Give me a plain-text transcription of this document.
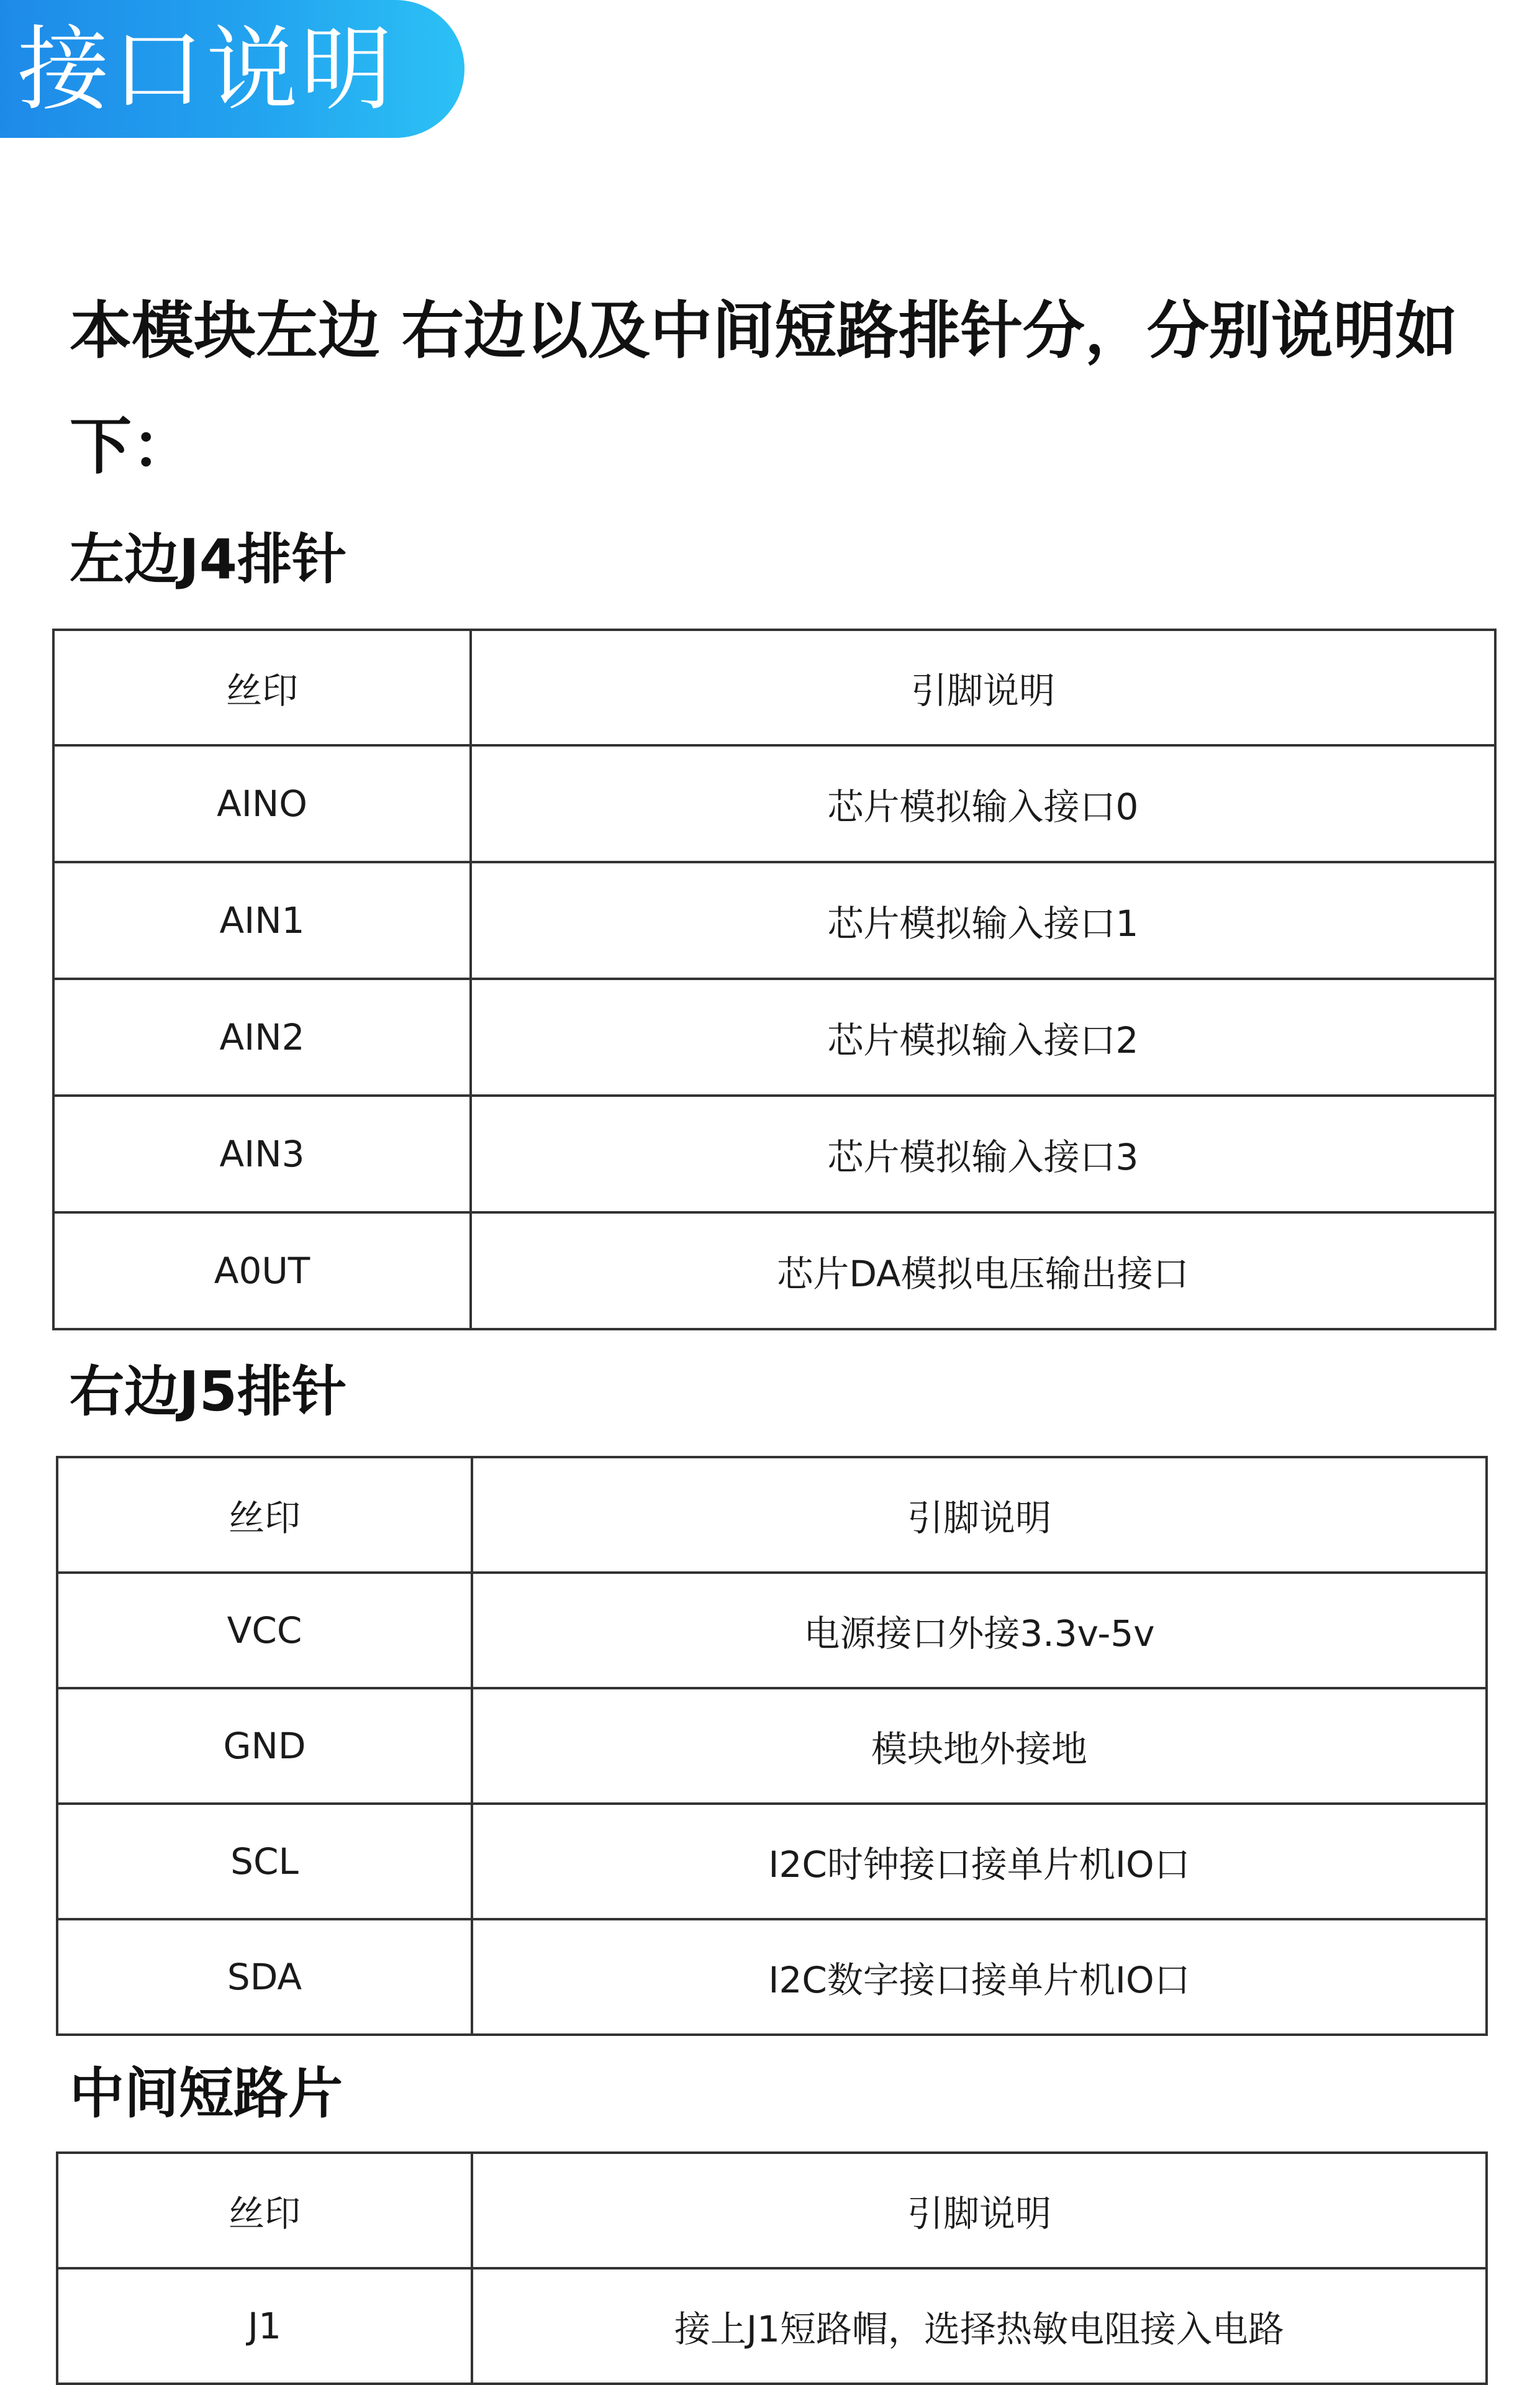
接口说明
本模块左边 右边以及中间短路排针分，分别说明如下：
左边J4排针
丝印	引脚说明
AINO	芯片模拟输入接口0
AIN1	芯片模拟输入接口1
AIN2	芯片模拟输入接口2
AIN3	芯片模拟输入接口3
A0UT	芯片DA模拟电压输出接口
右边J5排针
丝印	引脚说明
VCC	电源接口外接3.3v-5v
GND	模块地外接地
SCL	I2C时钟接口接单片机IO口
SDA	I2C数字接口接单片机IO口
中间短路片
丝印	引脚说明
J1	接上J1短路帽，选择热敏电阻接入电路
